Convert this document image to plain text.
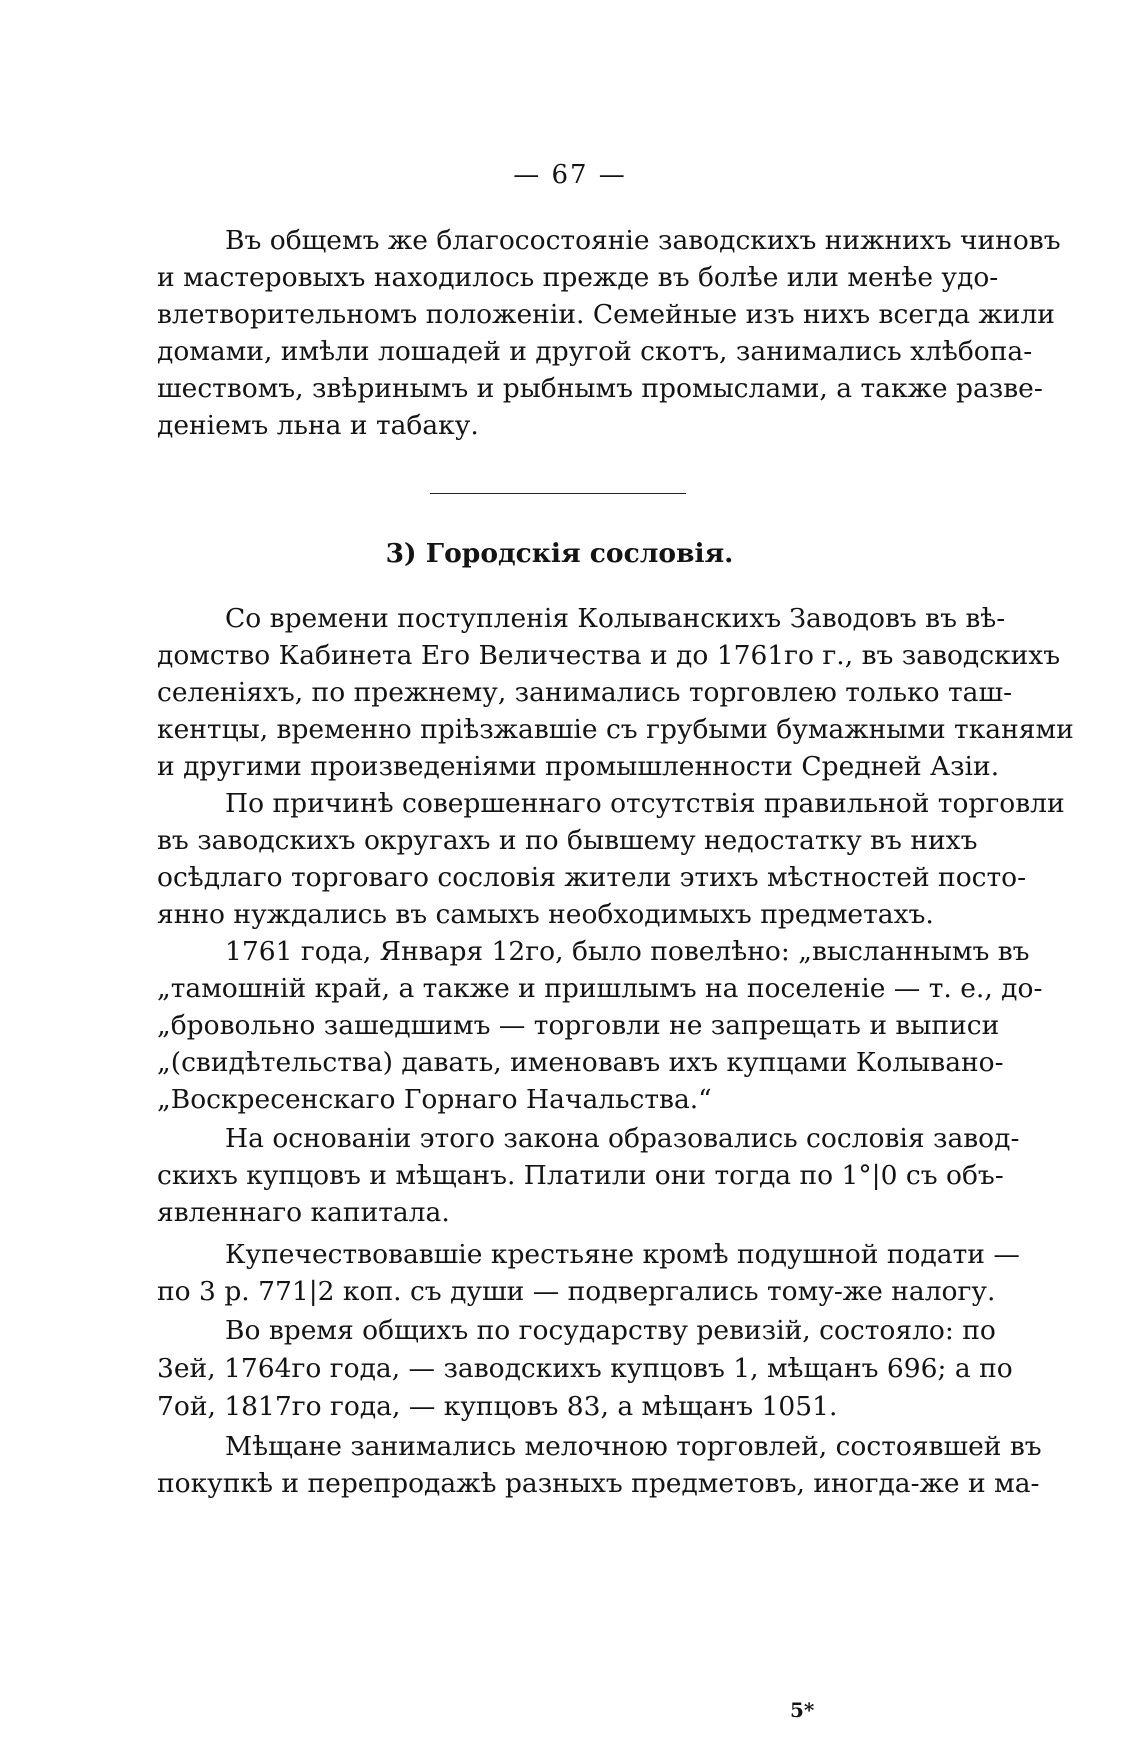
— 67 —
Въ общемъ же благосостояніе заводскихъ нижнихъ чиновъ
и мастеровыхъ находилось прежде въ болѣе или менѣе удо-
влетворительномъ положеніи. Семейные изъ нихъ всегда жили
домами, имѣли лошадей и другой скотъ, занимались хлѣбопа-
шествомъ, звѣринымъ и рыбнымъ промыслами, а также разве-
деніемъ льна и табаку.
3) Городскія сословія.
Со времени поступленія Колыванскихъ Заводовъ въ вѣ-
домство Кабинета Его Величества и до 1761го г., въ заводскихъ
селеніяхъ, по прежнему, занимались торговлею только таш-
кентцы, временно пріѣзжавшіе съ грубыми бумажными тканями
и другими произведеніями промышленности Средней Азіи.
По причинѣ совершеннаго отсутствія правильной торговли
въ заводскихъ округахъ и по бывшему недостатку въ нихъ
осѣдлаго торговаго сословія жители этихъ мѣстностей посто-
янно нуждались въ самыхъ необходимыхъ предметахъ.
1761 года, Января 12го, было повелѣно: „высланнымъ въ
„тамошній край, а также и пришлымъ на поселеніе — т. е., до-
„бровольно зашедшимъ — торговли не запрещать и выписи
„(свидѣтельства) давать, именовавъ ихъ купцами Колывано-
„Воскресенскаго Горнаго Начальства.“
На основаніи этого закона образовались сословія завод-
скихъ купцовъ и мѣщанъ. Платили они тогда по 1°|0 съ объ-
явленнаго капитала.
Купечествовавшіе крестьяне кромѣ подушной подати —
по 3 р. 771|2 коп. съ души — подвергались тому-же налогу.
Во время общихъ по государству ревизій, состояло: по
3ей, 1764го года, — заводскихъ купцовъ 1, мѣщанъ 696; а по
7ой, 1817го года, — купцовъ 83, а мѣщанъ 1051.
Мѣщане занимались мелочною торговлей, состоявшей въ
покупкѣ и перепродажѣ разныхъ предметовъ, иногда-же и ма-
5*
